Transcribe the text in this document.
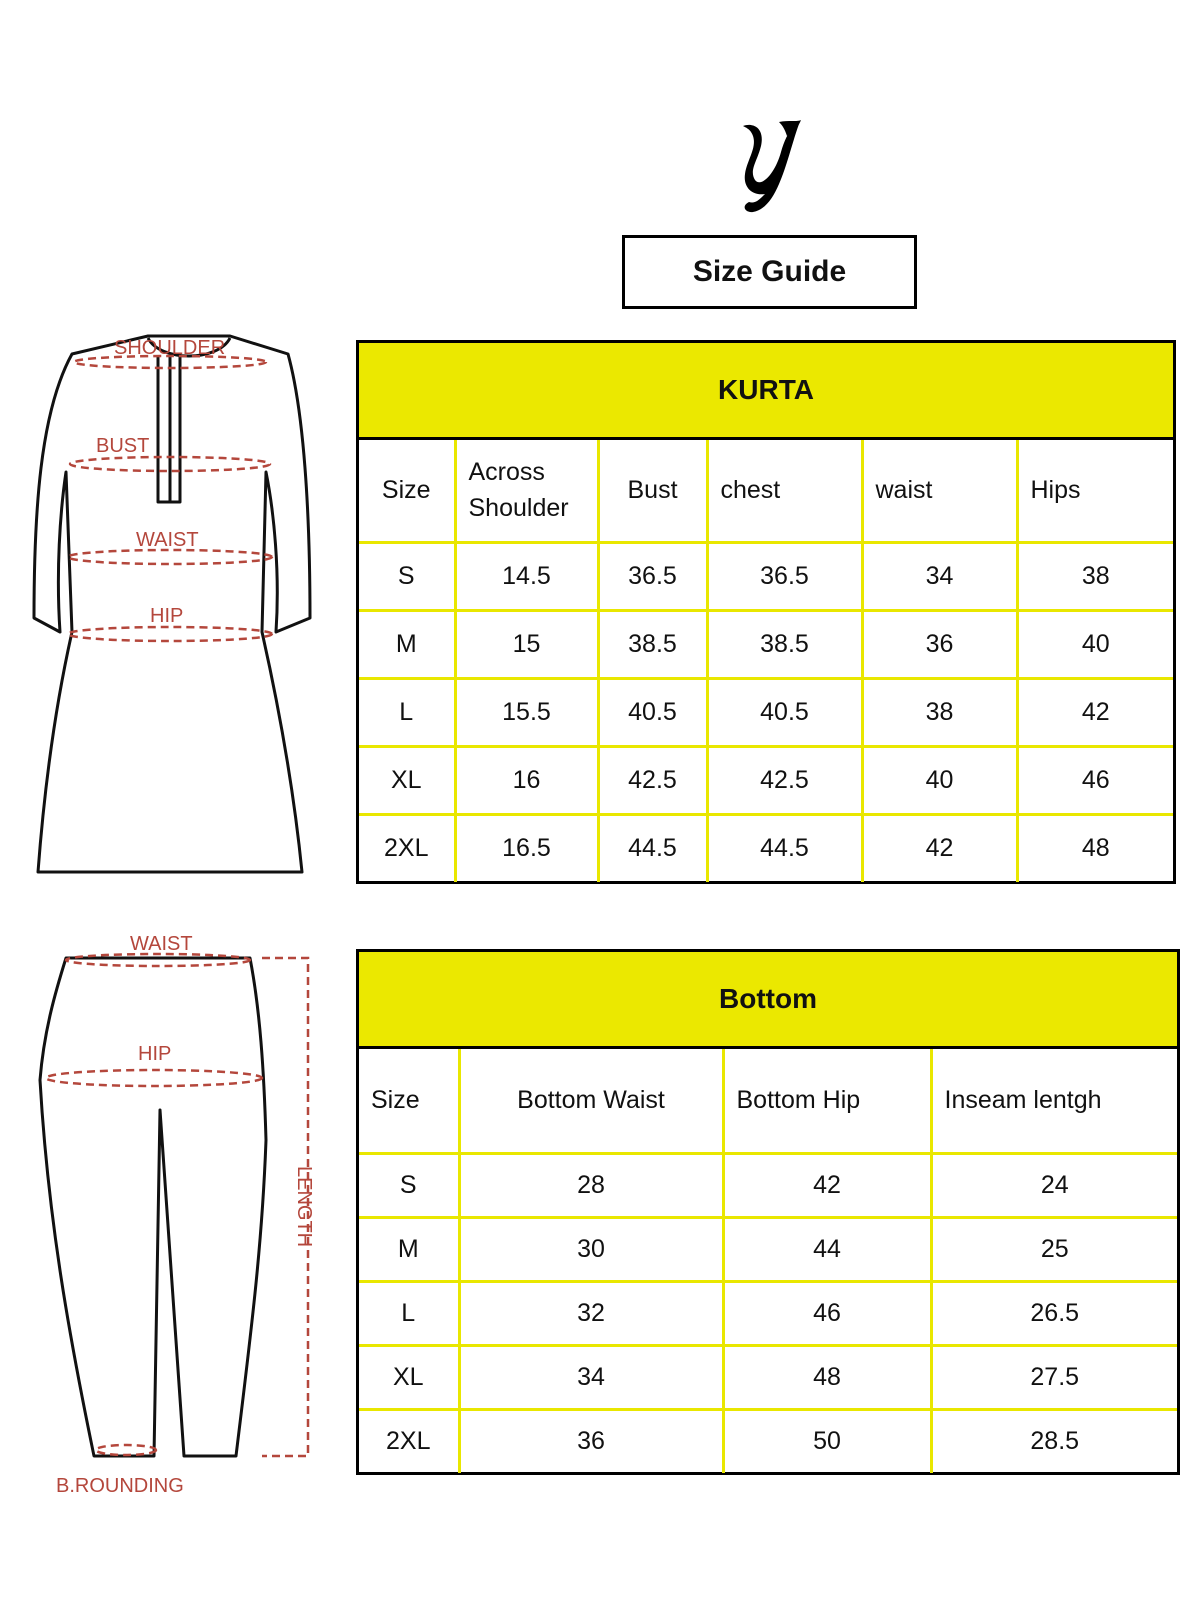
Size Guide
SHOULDER
BUST
WAIST
HIP
WAIST
HIP
B.ROUNDING
LENGTH
KURTA
Size	Across Shoulder	Bust	chest	waist	Hips
S	14.5	36.5	36.5	34	38
M	15	38.5	38.5	36	40
L	15.5	40.5	40.5	38	42
XL	16	42.5	42.5	40	46
2XL	16.5	44.5	44.5	42	48
Bottom
Size	Bottom Waist	Bottom Hip	Inseam lentgh
S	28	42	24
M	30	44	25
L	32	46	26.5
XL	34	48	27.5
2XL	36	50	28.5
